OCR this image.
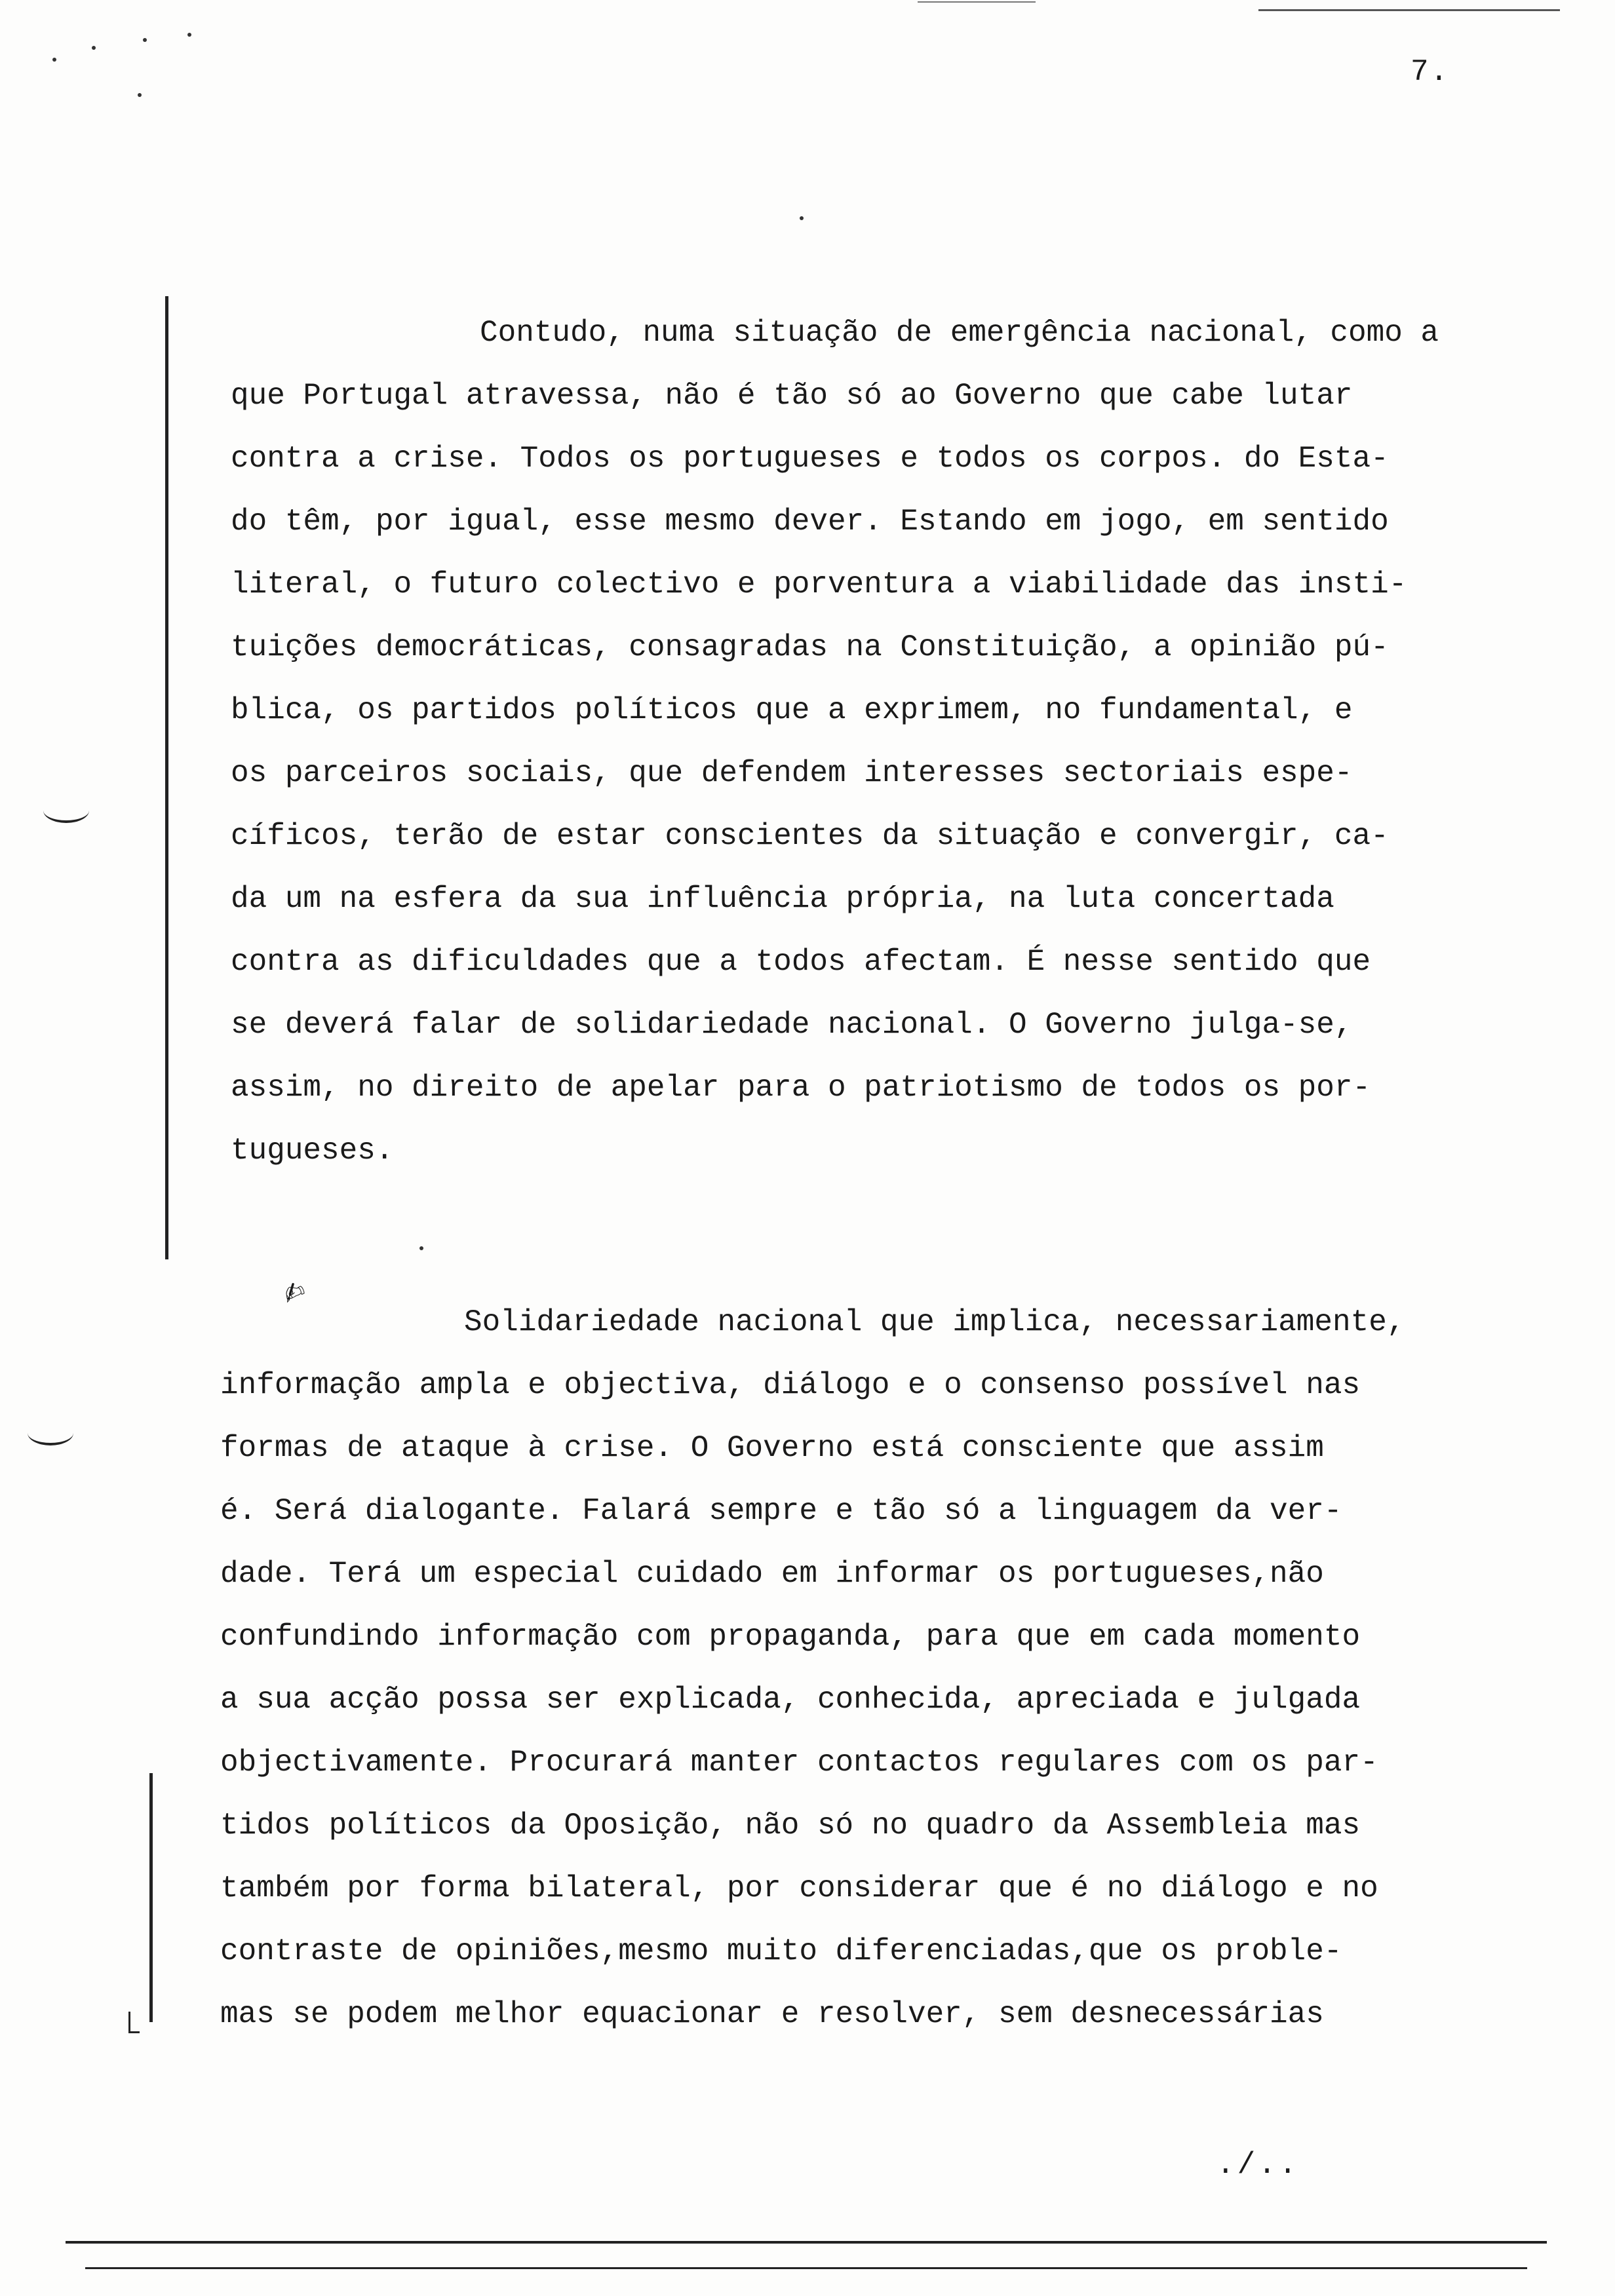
7.
✍
Contudo, numa situação de emergência nacional, como a
que Portugal atravessa, não é tão só ao Governo que cabe lutar
contra a crise. Todos os portugueses e todos os corpos. do Esta-
do têm, por igual, esse mesmo dever. Estando em jogo, em sentido
literal, o futuro colectivo e porventura a viabilidade das insti-
tuições democráticas, consagradas na Constituição, a opinião pú-
blica, os partidos políticos que a exprimem, no fundamental, e
os parceiros sociais, que defendem interesses sectoriais espe-
cíficos, terão de estar conscientes da situação e convergir, ca-
da um na esfera da sua influência própria, na luta concertada
contra as dificuldades que a todos afectam. É nesse sentido que
se deverá falar de solidariedade nacional. O Governo julga-se,
assim, no direito de apelar para o patriotismo de todos os por-
tugueses.
Solidariedade nacional que implica, necessariamente,
informação ampla e objectiva, diálogo e o consenso possível nas
formas de ataque à crise. O Governo está consciente que assim
é. Será dialogante. Falará sempre e tão só a linguagem da ver-
dade. Terá um especial cuidado em informar os portugueses,não
confundindo informação com propaganda, para que em cada momento
a sua acção possa ser explicada, conhecida, apreciada e julgada
objectivamente. Procurará manter contactos regulares com os par-
tidos políticos da Oposição, não só no quadro da Assembleia mas
também por forma bilateral, por considerar que é no diálogo e no
contraste de opiniões,mesmo muito diferenciadas,que os proble-
mas se podem melhor equacionar e resolver, sem desnecessárias
./..
